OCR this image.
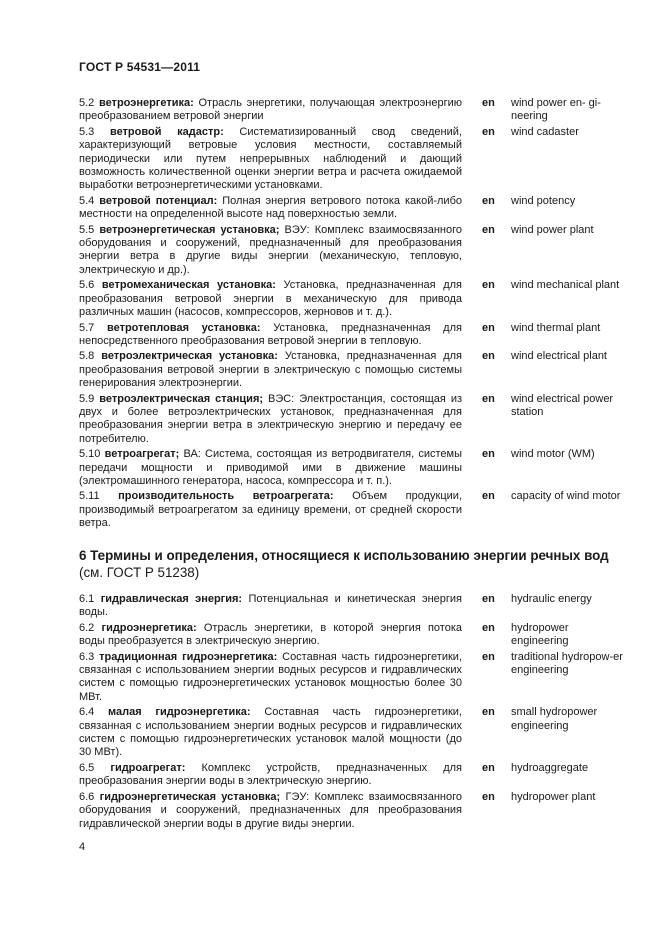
ГОСТ Р 54531—2011
5.2 ветроэнергетика: Отрасль энергетики, получающая электроэнергию преобразованием ветровой энергии
en wind power en- gi-neering
5.3 ветровой кадастр: Систематизированный свод сведений, характеризующий ветровые условия местности, составляемый периодически или путем непрерывных наблюдений и дающий возможность количественной оценки энергии ветра и расчета ожидаемой выработки ветроэнергетическими установками.
en wind cadaster
5.4 ветровой потенциал: Полная энергия ветрового потока какой-либо местности на определенной высоте над поверхностью земли.
en wind potency
5.5 ветроэнергетическая установка; ВЭУ: Комплекс взаимосвязанного оборудования и сооружений, предназначенный для преобразования энергии ветра в другие виды энергии (механическую, тепловую, электрическую и др.).
en wind power plant
5.6 ветромеханическая установка: Установка, предназначенная для преобразования ветровой энергии в механическую для привода различных машин (насосов, компрессоров, жерновов и т. д.).
en wind mechanical plant
5.7 ветротепловая установка: Установка, предназначенная для непосредственного преобразования ветровой энергии в тепловую.
en wind thermal plant
5.8 ветроэлектрическая установка: Установка, предназначенная для преобразования ветровой энергии в электрическую с помощью системы генерирования электроэнергии.
en wind electrical plant
5.9 ветроэлектрическая станция; ВЭС: Электростанция, состоящая из двух и более ветроэлектрических установок, предназначенная для преобразования энергии ветра в электрическую энергию и передачу ее потребителю.
en wind electrical power station
5.10 ветроагрегат; ВА: Система, состоящая из ветродвигателя, системы передачи мощности и приводимой ими в движение машины (электромашинного генератора, насоса, компрессора и т. п.).
en wind motor (WM)
5.11 производительность ветроагрегата: Объем продукции, производимый ветроагрегатом за единицу времени, от средней скорости ветра.
en capacity of wind motor
6 Термины и определения, относящиеся к использованию энергии речных вод (см. ГОСТ Р 51238)
6.1 гидравлическая энергия: Потенциальная и кинетическая энергия воды.
en hydraulic energy
6.2 гидроэнергетика: Отрасль энергетики, в которой энергия потока воды преобразуется в электрическую энергию.
en hydropower engineering
6.3 традиционная гидроэнергетика: Составная часть гидроэнергетики, связанная с использованием энергии водных ресурсов и гидравлических систем с помощью гидроэнергетических установок мощностью более 30 МВт.
en traditional hydropow-er engineering
6.4 малая гидроэнергетика: Составная часть гидроэнергетики, связанная с использованием энергии водных ресурсов и гидравлических систем с помощью гидроэнергетических установок малой мощности (до 30 МВт).
en small hydropower engineering
6.5 гидроагрегат: Комплекс устройств, предназначенных для преобразования энергии воды в электрическую энергию.
en hydroaggregate
6.6 гидроэнергетическая установка; ГЭУ: Комплекс взаимосвязанного оборудования и сооружений, предназначенных для преобразования гидравлической энергии воды в другие виды энергии.
en hydropower plant
4
